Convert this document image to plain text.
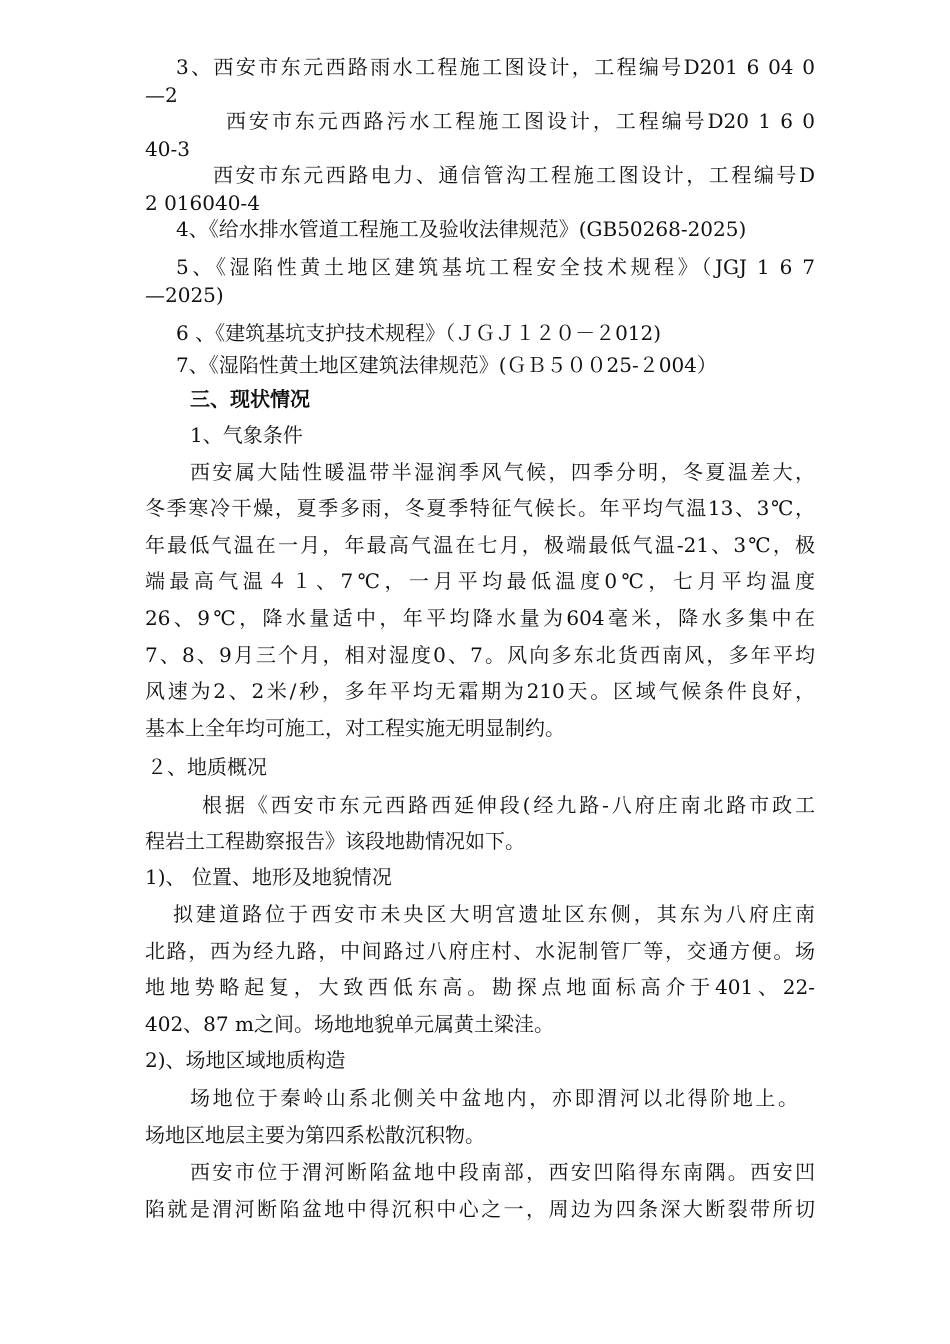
3、西安市东元西路雨水工程施工图设计，工程编号D201 6 04 0
—2
西安市东元西路污水工程施工图设计，工程编号D20 1 6 0
40-3
西安市东元西路电力、通信管沟工程施工图设计，工程编号D
2 016040-4
4、《给水排水管道工程施工及验收法律规范》(GB50268-2025)
5、《湿陷性黄土地区建筑基坑工程安全技术规程》（JGJ 1 6 7
—2025)
6 、《建筑基坑支护技术规程》（ＪＧＪ１２０－２012)
7、《湿陷性黄土地区建筑法律规范》(ＧＢ５００25-２004）
三、现状情况
1、气象条件
西安属大陆性暖温带半湿润季风气候，四季分明，冬夏温差大，
冬季寒冷干燥，夏季多雨，冬夏季特征气候长。年平均气温13、3℃，
年最低气温在一月，年最高气温在七月，极端最低气温-21、3℃，极
端最高气温４１、7℃，一月平均最低温度0℃，七月平均温度
26、9℃，降水量适中，年平均降水量为604毫米，降水多集中在
7、8、9月三个月，相对湿度0、7。风向多东北货西南风，多年平均
风速为2、2米/秒，多年平均无霜期为210天。区域气候条件良好，
基本上全年均可施工，对工程实施无明显制约。
２、地质概况
根据《西安市东元西路西延伸段(经九路-八府庄南北路市政工
程岩土工程勘察报告》该段地勘情况如下。
1)、 位置、地形及地貌情况
拟建道路位于西安市未央区大明宫遗址区东侧，其东为八府庄南
北路，西为经九路，中间路过八府庄村、水泥制管厂等，交通方便。场
地地势略起复，大致西低东高。勘探点地面标高介于401、22-
402、87 m之间。场地地貌单元属黄土梁洼。
2)、场地区域地质构造
场地位于秦岭山系北侧关中盆地内，亦即渭河以北得阶地上。
场地区地层主要为第四系松散沉积物。
西安市位于渭河断陷盆地中段南部，西安凹陷得东南隅。西安凹
陷就是渭河断陷盆地中得沉积中心之一，周边为四条深大断裂带所切
